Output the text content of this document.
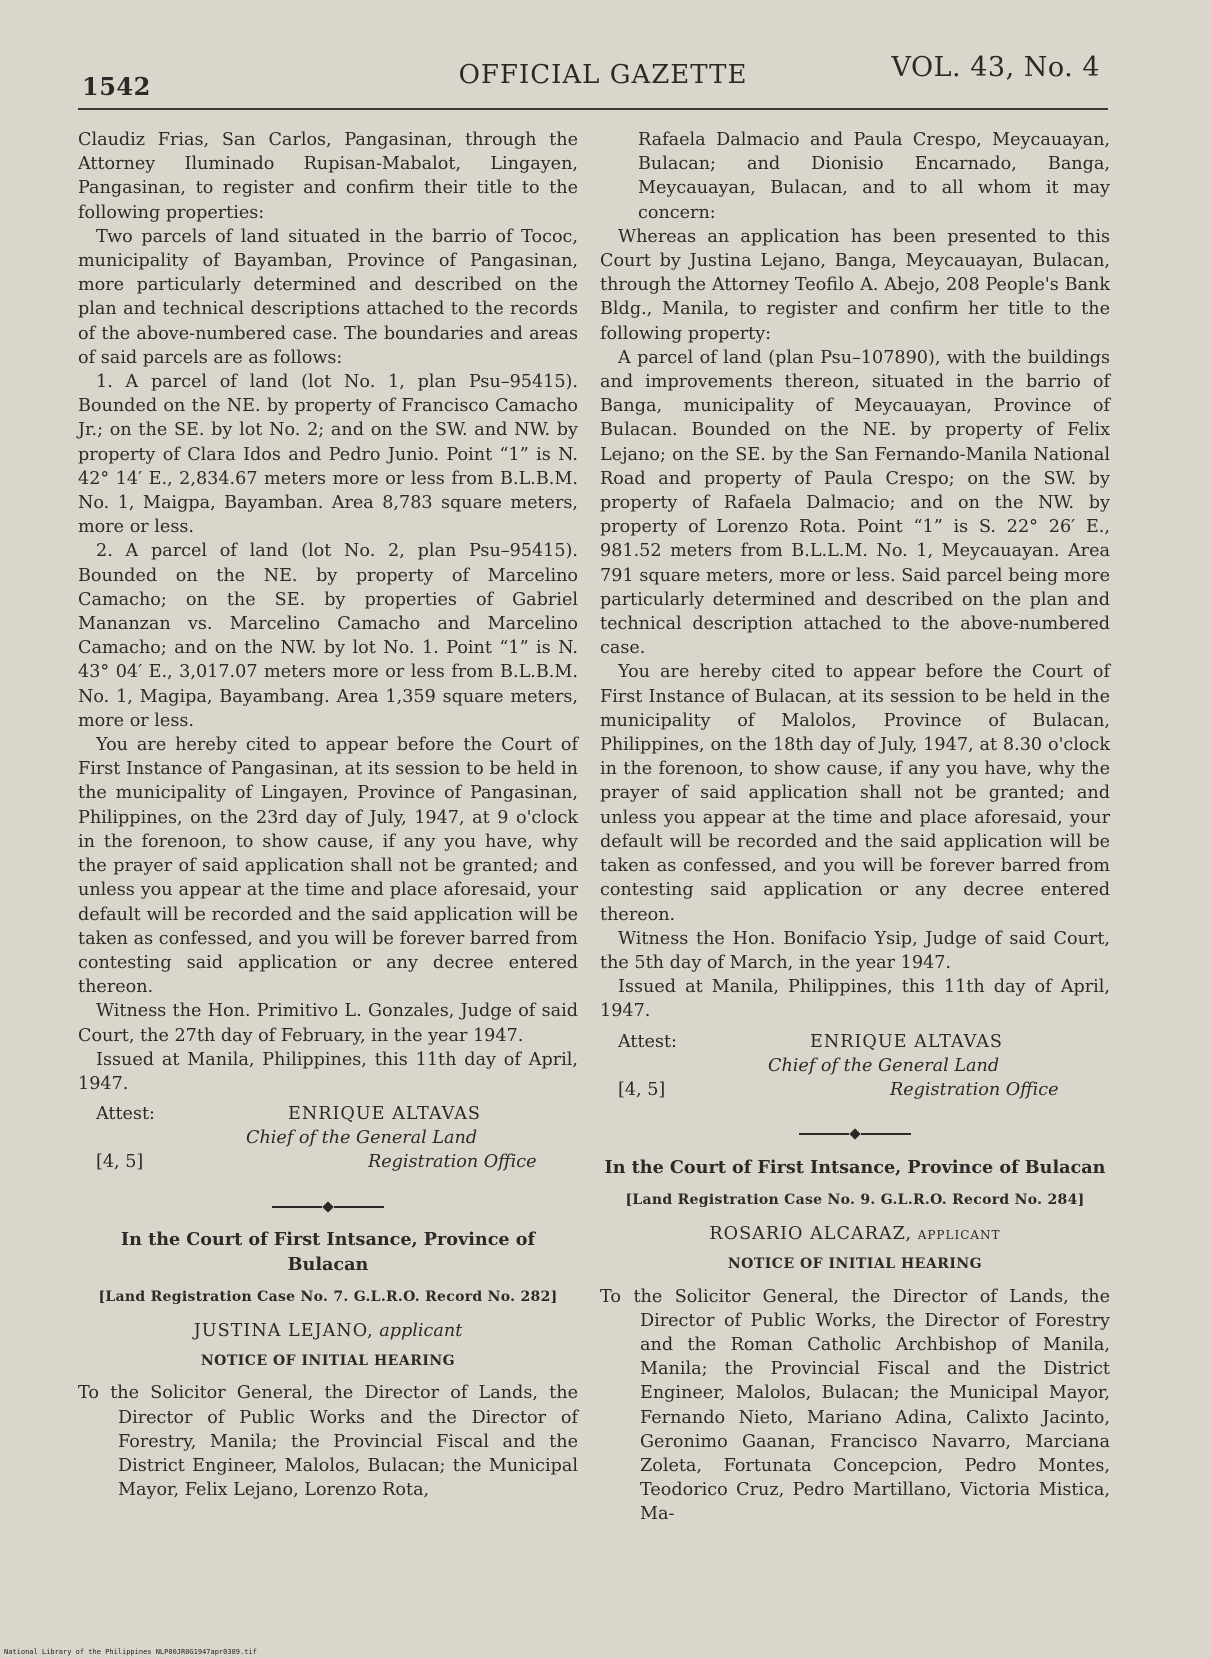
1542	OFFICIAL GAZETTE	VOL. 43, No. 4

Claudiz Frias, San Carlos, Pangasinan, through the Attorney Iluminado Rupisan-Mabalot, Lingayen, Pangasinan, to register and confirm their title to the following properties:

Two parcels of land situated in the barrio of Tococ, municipality of Bayamban, Province of Pangasinan, more particularly determined and described on the plan and technical descriptions attached to the records of the above-numbered case. The boundaries and areas of said parcels are as follows:

1. A parcel of land (lot No. 1, plan Psu–95415). Bounded on the NE. by property of Francisco Camacho Jr.; on the SE. by lot No. 2; and on the SW. and NW. by property of Clara Idos and Pedro Junio. Point “1” is N. 42° 14′ E., 2,834.67 meters more or less from B.L.B.M. No. 1, Maigpa, Bayamban. Area 8,783 square meters, more or less.

2. A parcel of land (lot No. 2, plan Psu–95415). Bounded on the NE. by property of Marcelino Camacho; on the SE. by properties of Gabriel Mananzan vs. Marcelino Camacho and Marcelino Camacho; and on the NW. by lot No. 1. Point “1” is N. 43° 04′ E., 3,017.07 meters more or less from B.L.B.M. No. 1, Magipa, Bayambang. Area 1,359 square meters, more or less.

You are hereby cited to appear before the Court of First Instance of Pangasinan, at its session to be held in the municipality of Lingayen, Province of Pangasinan, Philippines, on the 23rd day of July, 1947, at 9 o'clock in the forenoon, to show cause, if any you have, why the prayer of said application shall not be granted; and unless you appear at the time and place aforesaid, your default will be recorded and the said application will be taken as confessed, and you will be forever barred from contesting said application or any decree entered thereon.

Witness the Hon. Primitivo L. Gonzales, Judge of said Court, the 27th day of February, in the year 1947.

Issued at Manila, Philippines, this 11th day of April, 1947.

Attest:	ENRIQUE ALTAVAS
Chief of the General Land
[4, 5]	Registration Office
In the Court of First Intsance, Province of Bulacan
[Land Registration Case No. 7. G.L.R.O. Record No. 282]
JUSTINA LEJANO, applicant
NOTICE OF INITIAL HEARING

To the Solicitor General, the Director of Lands, the Director of Public Works and the Director of Forestry, Manila; the Provincial Fiscal and the District Engineer, Malolos, Bulacan; the Municipal Mayor, Felix Lejano, Lorenzo Rota,

Rafaela Dalmacio and Paula Crespo, Meycauayan, Bulacan; and Dionisio Encarnado, Banga, Meycauayan, Bulacan, and to all whom it may concern:

Whereas an application has been presented to this Court by Justina Lejano, Banga, Meycauayan, Bulacan, through the Attorney Teofilo A. Abejo, 208 People's Bank Bldg., Manila, to register and confirm her title to the following property:

A parcel of land (plan Psu–107890), with the buildings and improvements thereon, situated in the barrio of Banga, municipality of Meycauayan, Province of Bulacan. Bounded on the NE. by property of Felix Lejano; on the SE. by the San Fernando-Manila National Road and property of Paula Crespo; on the SW. by property of Rafaela Dalmacio; and on the NW. by property of Lorenzo Rota. Point “1” is S. 22° 26′ E., 981.52 meters from B.L.L.M. No. 1, Meycauayan. Area 791 square meters, more or less. Said parcel being more particularly determined and described on the plan and technical description attached to the above-numbered case.

You are hereby cited to appear before the Court of First Instance of Bulacan, at its session to be held in the municipality of Malolos, Province of Bulacan, Philippines, on the 18th day of July, 1947, at 8.30 o'clock in the forenoon, to show cause, if any you have, why the prayer of said application shall not be granted; and unless you appear at the time and place aforesaid, your default will be recorded and the said application will be taken as confessed, and you will be forever barred from contesting said application or any decree entered thereon.

Witness the Hon. Bonifacio Ysip, Judge of said Court, the 5th day of March, in the year 1947.

Issued at Manila, Philippines, this 11th day of April, 1947.

Attest:	ENRIQUE ALTAVAS
Chief of the General Land
[4, 5]	Registration Office
In the Court of First Intsance, Province of Bulacan
[Land Registration Case No. 9. G.L.R.O. Record No. 284]
ROSARIO ALCARAZ, applicant
NOTICE OF INITIAL HEARING

To the Solicitor General, the Director of Lands, the Director of Public Works, the Director of Forestry and the Roman Catholic Archbishop of Manila, Manila; the Provincial Fiscal and the District Engineer, Malolos, Bulacan; the Municipal Mayor, Fernando Nieto, Mariano Adina, Calixto Jacinto, Geronimo Gaanan, Francisco Navarro, Marciana Zoleta, Fortunata Concepcion, Pedro Montes, Teodorico Cruz, Pedro Martillano, Victoria Mistica, Ma-

National Library of the Philippines NLP00JR0G1947apr0389.tif
